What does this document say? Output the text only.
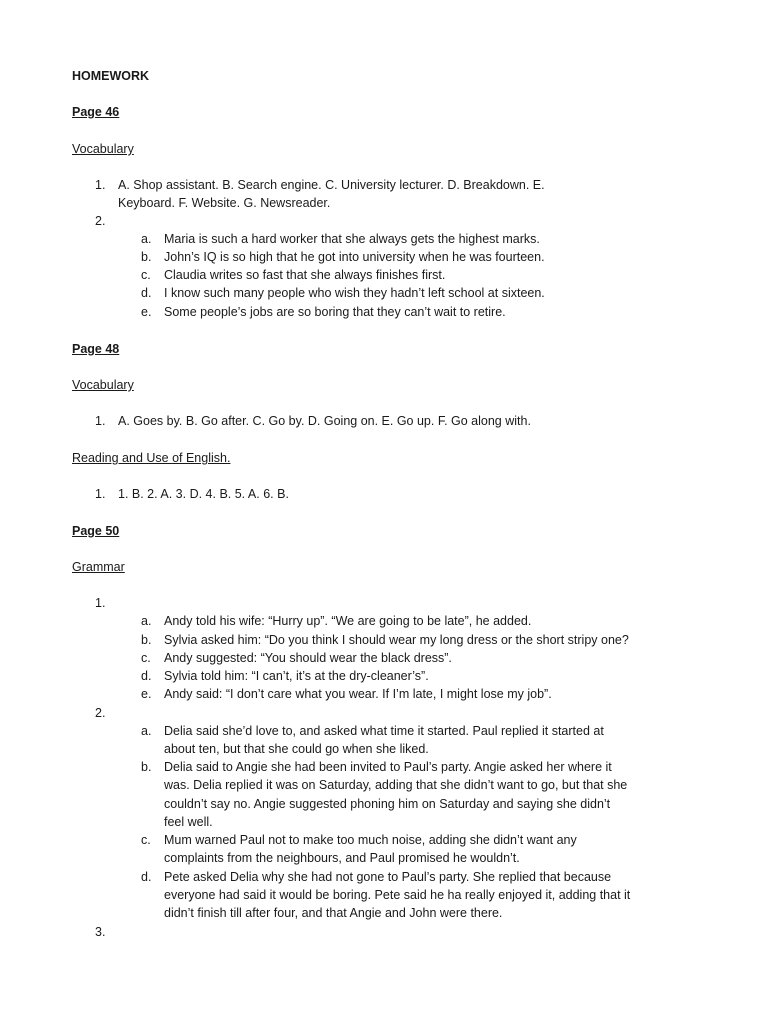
HOMEWORK
Page 46
Vocabulary
1. A. Shop assistant. B. Search engine. C. University lecturer. D. Breakdown. E.
Keyboard. F. Website. G. Newsreader.
2.
a. Maria is such a hard worker that she always gets the highest marks.
b. John’s IQ is so high that he got into university when he was fourteen.
c. Claudia writes so fast that she always finishes first.
d. I know such many people who wish they hadn’t left school at sixteen.
e. Some people’s jobs are so boring that they can’t wait to retire.
Page 48
Vocabulary
1. A. Goes by. B. Go after. C. Go by. D. Going on. E. Go up. F. Go along with.
Reading and Use of English.
1. 1. B. 2. A. 3. D. 4. B. 5. A. 6. B.
Page 50
Grammar
1.
a. Andy told his wife: “Hurry up”. “We are going to be late”, he added.
b. Sylvia asked him: “Do you think I should wear my long dress or the short stripy one?
c. Andy suggested: “You should wear the black dress”.
d. Sylvia told him: “I can’t, it’s at the dry-cleaner’s”.
e. Andy said: “I don’t care what you wear. If I’m late, I might lose my job”.
2.
a. Delia said she’d love to, and asked what time it started. Paul replied it started at
about ten, but that she could go when she liked.
b. Delia said to Angie she had been invited to Paul’s party. Angie asked her where it
was. Delia replied it was on Saturday, adding that she didn’t want to go, but that she
couldn’t say no. Angie suggested phoning him on Saturday and saying she didn’t
feel well.
c. Mum warned Paul not to make too much noise, adding she didn’t want any
complaints from the neighbours, and Paul promised he wouldn’t.
d. Pete asked Delia why she had not gone to Paul’s party. She replied that because
everyone had said it would be boring. Pete said he ha really enjoyed it, adding that it
didn’t finish till after four, and that Angie and John were there.
3.
